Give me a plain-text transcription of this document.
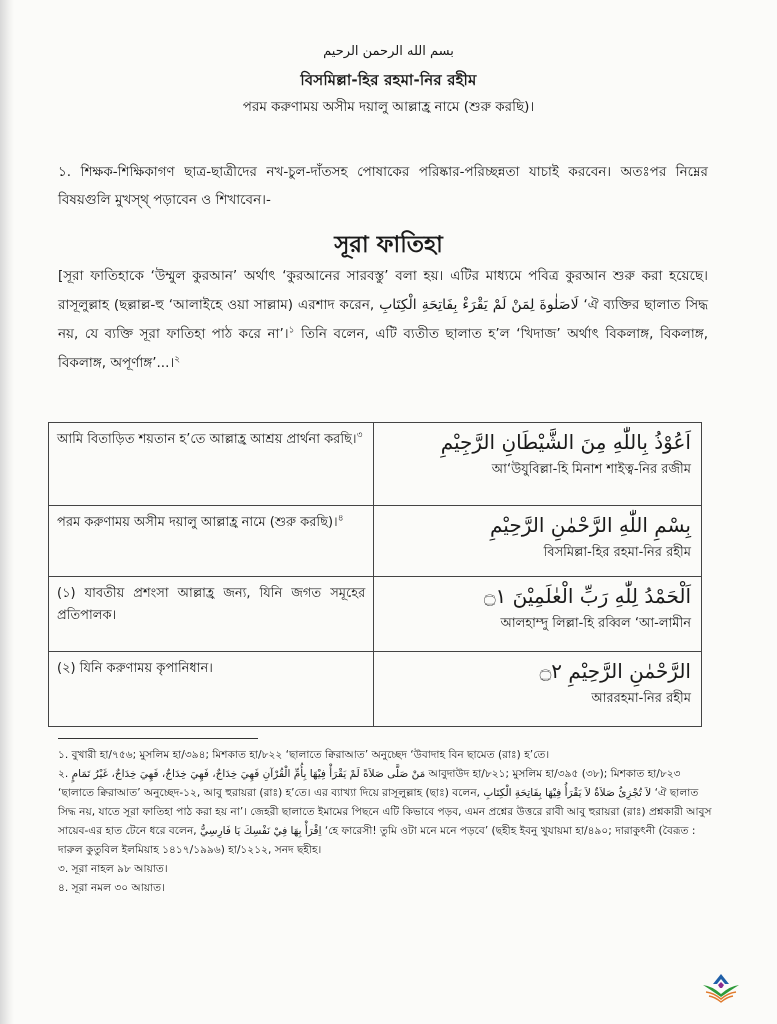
بسم الله الرحمن الرحيم
বিসমিল্লা-হির রহমা-নির রহীম
পরম করুণাময় অসীম দয়ালু আল্লাহ্র নামে (শুরু করছি)।
১. শিক্ষক-শিক্ষিকাগণ ছাত্র-ছাত্রীদের নখ-চুল-দাঁতসহ পোষাকের পরিষ্কার-পরিচ্ছন্নতা যাচাই করবেন। অতঃপর নিম্নের বিষয়গুলি মুখস্থ্ পড়াবেন ও শিখাবেন।-
সূরা ফাতিহা
[সূরা ফাতিহাকে ‘উম্মুল কুরআন’ অর্থাৎ ‘কুরআনের সারবস্তু’ বলা হয়। এটির মাধ্যমে পবিত্র কুরআন শুরু করা হয়েছে। রাসূলুল্লাহ (ছল্লাল্ল-হু ‘আলাইহে ওয়া সাল্লাম) এরশাদ করেন, لَاصَلٰوةَ لِمَنْ لَمْ يَقْرَءْ بِفَاتِحَةِ الْكِتَابِ ‘ঐ ব্যক্তির ছালাত সিদ্ধ নয়, যে ব্যক্তি সূরা ফাতিহা পাঠ করে না’।$^১$ তিনি বলেন, এটি ব্যতীত ছালাত হ’ল ‘খিদাজ’ অর্থাৎ বিকলাঙ্গ, বিকলাঙ্গ, বিকলাঙ্গ, অপূর্ণাঙ্গ’...।$^২$
আমি বিতাড়িত শয়তান হ’তে আল্লাহ্র আশ্রয় প্রার্থনা করছি।$^৩$	اَعُوْذُ بِاللّٰهِ مِنَ الشَّيْطَانِ الرَّجِيْمِ
আ‘উযুবিল্লা-হি মিনাশ শাইত্ব-নির রজীম

পরম করুণাময় অসীম দয়ালু আল্লাহ্র নামে (শুরু করছি)।$^৪$	بِسْمِ اللّٰهِ الرَّحْمٰنِ الرَّحِيْمِ
বিসমিল্লা-হির রহমা-নির রহীম

(১) যাবতীয় প্রশংসা আল্লাহ্র জন্য, যিনি জগত সমূহের প্রতিপালক।	اَلْحَمْدُ لِلّٰهِ رَبِّ الْعٰلَمِيْنَ ۝١
আলহাম্দু লিল্লা-হি রব্বিল ‘আ-লামীন

(২) যিনি করুণাময় কৃপানিধান।	الرَّحْمٰنِ الرَّحِيْمِ ۝٢
আররহমা-নির রহীম
১. বুখারী হা/৭৫৬; মুসলিম হা/৩৯৪; মিশকাত হা/৮২২ ‘ছালাতে ক্বিরাআত’ অনুচ্ছেদ ‘উবাদাহ বিন ছামেত (রাঃ) হ’তে।
২. مَنْ صَلَّى صَلاَةً لَمْ يَقْرَأْ فِيْهَا بِأُمِّ الْقُرْآنِ فَهِيَ خِدَاجٌ، فَهِيَ خِدَاجٌ، فَهِيَ خِدَاجٌ، غَيْرُ تَمَامٍ আবুদাউদ হা/৮২১; মুসলিম হা/৩৯৫ (৩৮); মিশকাত হা/৮২৩ ‘ছালাতে ক্বিরাআত’ অনুচ্ছেদ-১২, আবু হুরায়রা (রাঃ) হ’তে। এর ব্যাখ্যা দিয়ে রাসূলুল্লাহ (ছাঃ) বলেন, لاَ تُجْزِئُ صَلاَةٌ لاَ يَقْرَأُ فِيْهَا بِفَاتِحَةِ الْكِتَابِ ‘ঐ ছালাত সিদ্ধ নয়, যাতে সূরা ফাতিহা পাঠ করা হয় না’। জেহরী ছালাতে ইমামের পিছনে এটি কিভাবে পড়ব, এমন প্রশ্নের উত্তরে রাবী আবু হুরায়রা (রাঃ) প্রশ্নকারী আবুস সায়েব-এর হাত টেনে ধরে বলেন, اِقْرَأْ بِهَا فِيْ نَفْسِكَ يَا فَارِسِيُّ ‘হে ফারেসী! তুমি ওটা মনে মনে পড়বে’ (ছহীহ ইবনু খুযায়মা হা/৪৯০; দারাকুৎনী (বৈরূত : দারুল কুতুবিল ইলমিয়াহ ১৪১৭/১৯৯৬) হা/১২১২, সনদ ছহীহ।
৩. সূরা নাহল ৯৮ আয়াত।
৪. সূরা নমল ৩০ আয়াত।
